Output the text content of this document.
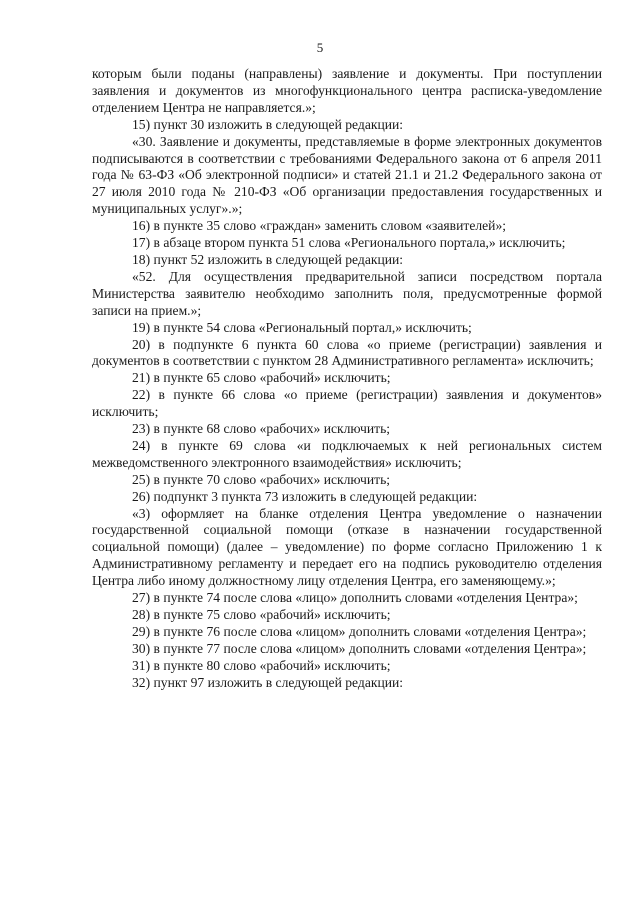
5

которым были поданы (направлены) заявление и документы. При поступлении заявления и документов из многофункционального центра расписка-уведомление отделением Центра не направляется.»;

15) пункт 30 изложить в следующей редакции:

«30. Заявление и документы, представляемые в форме электронных документов подписываются в соответствии с требованиями Федерального закона от 6 апреля 2011 года № 63-ФЗ «Об электронной подписи» и статей 21.1 и 21.2 Федерального закона от 27 июля 2010 года № 210-ФЗ «Об организации предоставления государственных и муниципальных услуг».»;

16) в пункте 35 слово «граждан» заменить словом «заявителей»;

17) в абзаце втором пункта 51 слова «Регионального портала,» исключить;

18) пункт 52 изложить в следующей редакции:

«52. Для осуществления предварительной записи посредством портала Министерства заявителю необходимо заполнить поля, предусмотренные формой записи на прием.»;

19) в пункте 54 слова «Региональный портал,» исключить;

20) в подпункте 6 пункта 60 слова «о приеме (регистрации) заявления и документов в соответствии с пунктом 28 Административного регламента» исключить;

21) в пункте 65 слово «рабочий» исключить;

22) в пункте 66 слова «о приеме (регистрации) заявления и документов» исключить;

23) в пункте 68 слово «рабочих» исключить;

24) в пункте 69 слова «и подключаемых к ней региональных систем межведомственного электронного взаимодействия» исключить;

25) в пункте 70 слово «рабочих» исключить;

26) подпункт 3 пункта 73 изложить в следующей редакции:

«3) оформляет на бланке отделения Центра уведомление о назначении государственной социальной помощи (отказе в назначении государственной социальной помощи) (далее – уведомление) по форме согласно Приложению 1 к Административному регламенту и передает его на подпись руководителю отделения Центра либо иному должностному лицу отделения Центра, его заменяющему.»;

27) в пункте 74 после слова «лицо» дополнить словами «отделения Центра»;

28) в пункте 75 слово «рабочий» исключить;

29) в пункте 76 после слова «лицом» дополнить словами «отделения Центра»;

30) в пункте 77 после слова «лицом» дополнить словами «отделения Центра»;

31) в пункте 80 слово «рабочий» исключить;

32) пункт 97 изложить в следующей редакции:
